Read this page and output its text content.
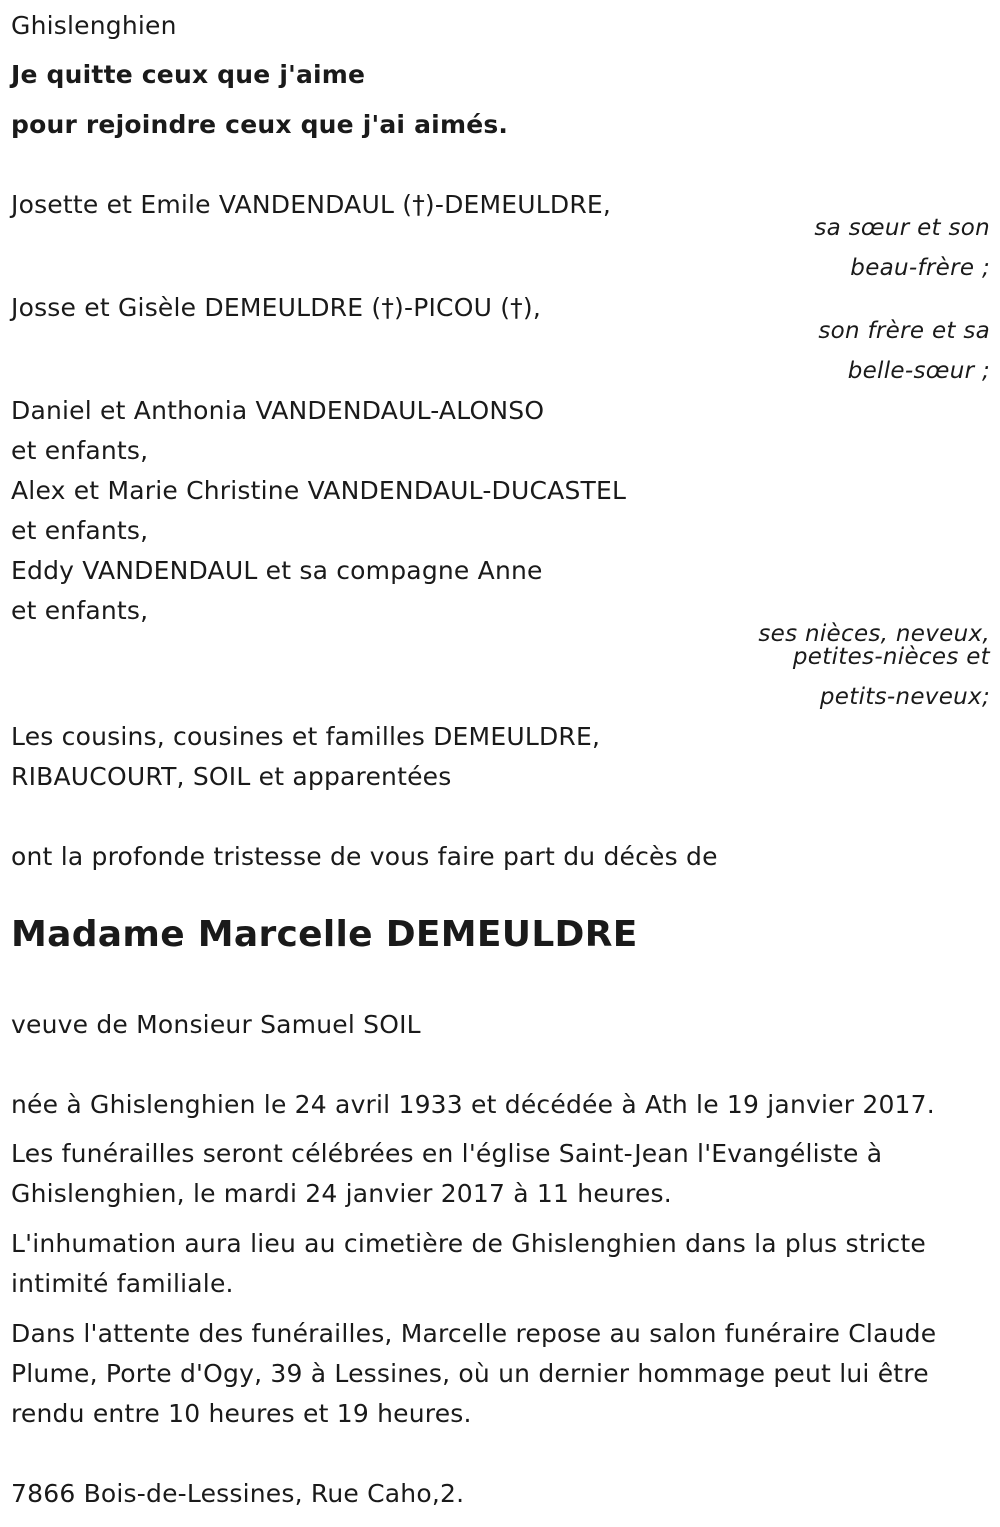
Ghislenghien
Je quitte ceux que j'aime
pour rejoindre ceux que j'ai aimés.
Josette et Emile VANDENDAUL (†)-DEMEULDRE,
sa sœur et son
beau-frère ;
Josse et Gisèle DEMEULDRE (†)-PICOU (†),
son frère et sa
belle-sœur ;
Daniel et Anthonia VANDENDAUL-ALONSO
et enfants,
Alex et Marie Christine VANDENDAUL-DUCASTEL
et enfants,
Eddy VANDENDAUL et sa compagne Anne
et enfants,
ses nièces, neveux,
petites-nièces et
petits-neveux;
Les cousins, cousines et familles DEMEULDRE,
RIBAUCOURT, SOIL et apparentées
ont la profonde tristesse de vous faire part du décès de
Madame Marcelle DEMEULDRE
veuve de Monsieur Samuel SOIL
née à Ghislenghien le 24 avril 1933 et décédée à Ath le 19 janvier 2017.
Les funérailles seront célébrées en l'église Saint-Jean l'Evangéliste à
Ghislenghien, le mardi 24 janvier 2017 à 11 heures.
L'inhumation aura lieu au cimetière de Ghislenghien dans la plus stricte
intimité familiale.
Dans l'attente des funérailles, Marcelle repose au salon funéraire Claude
Plume, Porte d'Ogy, 39 à Lessines, où un dernier hommage peut lui être
rendu entre 10 heures et 19 heures.
7866 Bois-de-Lessines, Rue Caho,2.
